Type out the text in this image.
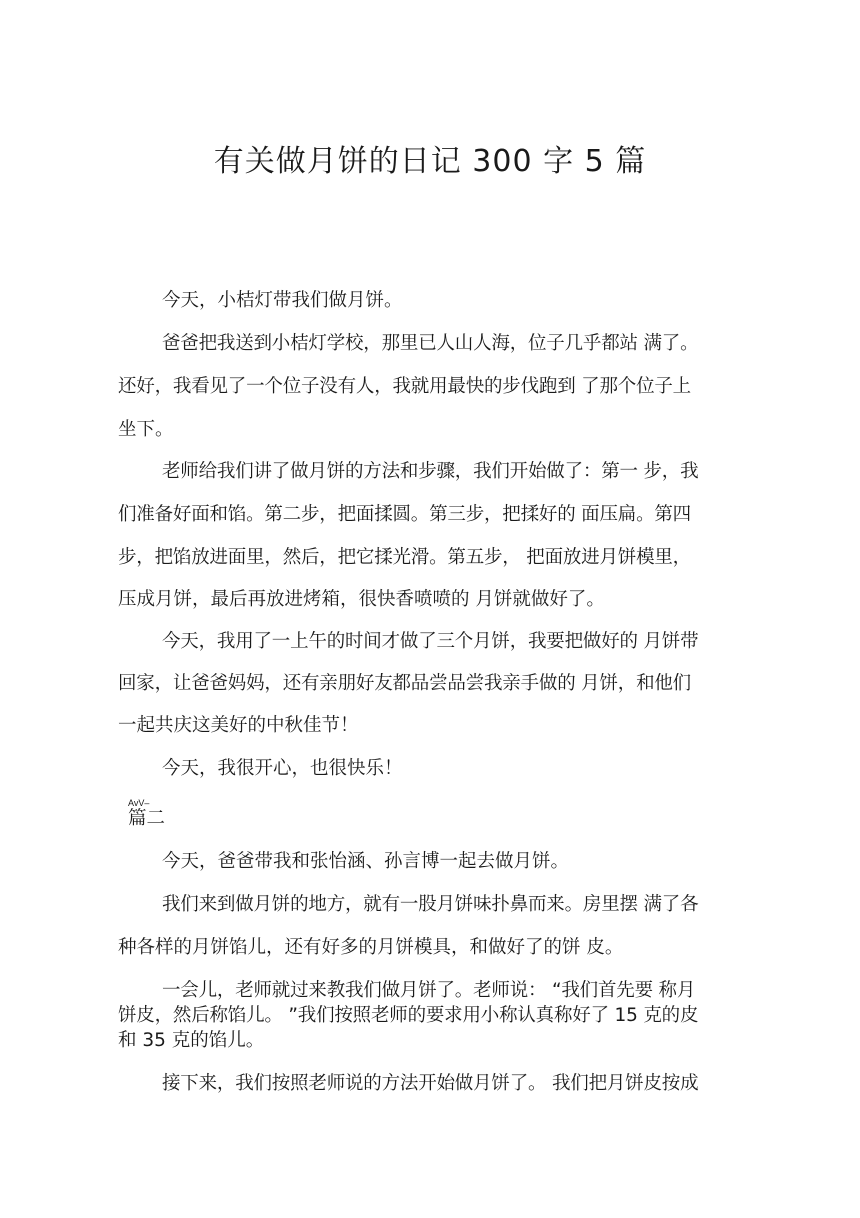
有关做月饼的日记 300 字 5 篇
今天，小桔灯带我们做月饼。
爸爸把我送到小桔灯学校，那里已人山人海，位子几乎都站 满了。
还好，我看见了一个位子没有人，我就用最快的步伐跑到 了那个位子上
坐下。
老师给我们讲了做月饼的方法和步骤，我们开始做了：第一 步，我
们准备好面和馅。第二步，把面揉圆。第三步，把揉好的 面压扁。第四
步，把馅放进面里，然后，把它揉光滑。第五步， 把面放进月饼模里，
压成月饼，最后再放进烤箱，很快香喷喷的 月饼就做好了。
今天，我用了一上午的时间才做了三个月饼，我要把做好的 月饼带
回家，让爸爸妈妈，还有亲朋好友都品尝品尝我亲手做的 月饼，和他们
一起共庆这美好的中秋佳节！
今天，我很开心，也很快乐！
AvV–
篇二
今天，爸爸带我和张怡涵、孙言博一起去做月饼。
我们来到做月饼的地方，就有一股月饼味扑鼻而来。房里摆 满了各
种各样的月饼馅儿，还有好多的月饼模具，和做好了的饼 皮。
一会儿，老师就过来教我们做月饼了。老师说： “我们首先要 称月
饼皮，然后称馅儿。 ”我们按照老师的要求用小称认真称好了 15 克的皮
和 35 克的馅儿。
接下来，我们按照老师说的方法开始做月饼了。 我们把月饼皮按成
